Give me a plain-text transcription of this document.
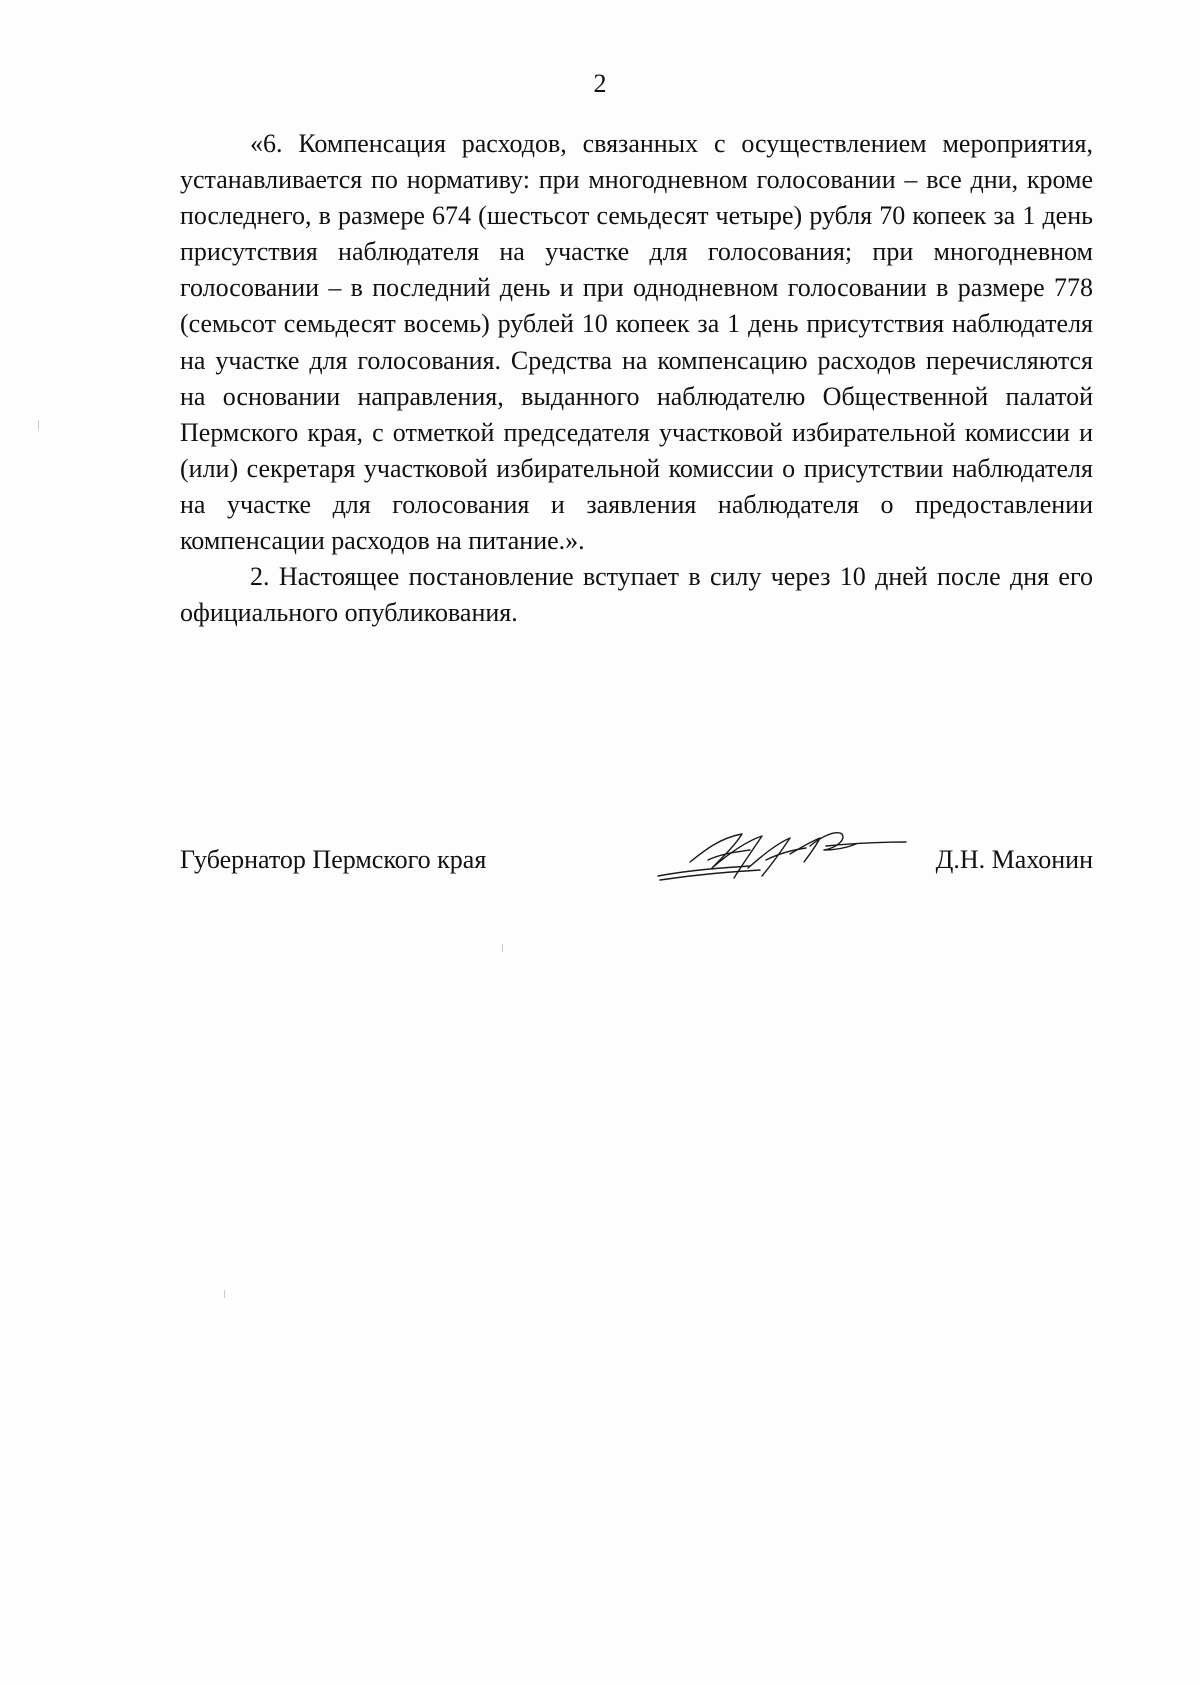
2

«6. Компенсация расходов, связанных с осуществлением мероприятия, устанавливается по нормативу: при многодневном голосовании – все дни, кроме последнего, в размере 674 (шестьсот семьдесят четыре) рубля 70 копеек за 1 день присутствия наблюдателя на участке для голосования; при многодневном голосовании – в последний день и при однодневном голосовании в размере 778 (семьсот семьдесят восемь) рублей 10 копеек за 1 день присутствия наблюдателя на участке для голосования. Средства на компенсацию расходов перечисляются на основании направления, выданного наблюдателю Общественной палатой Пермского края, с отметкой председателя участковой избирательной комиссии и (или) секретаря участковой избирательной комиссии о присутствии наблюдателя на участке для голосования и заявления наблюдателя о предоставлении компенсации расходов на питание.».

2. Настоящее постановление вступает в силу через 10 дней после дня его официального опубликования.

Губернатор Пермского края	Д.Н. Махонин
